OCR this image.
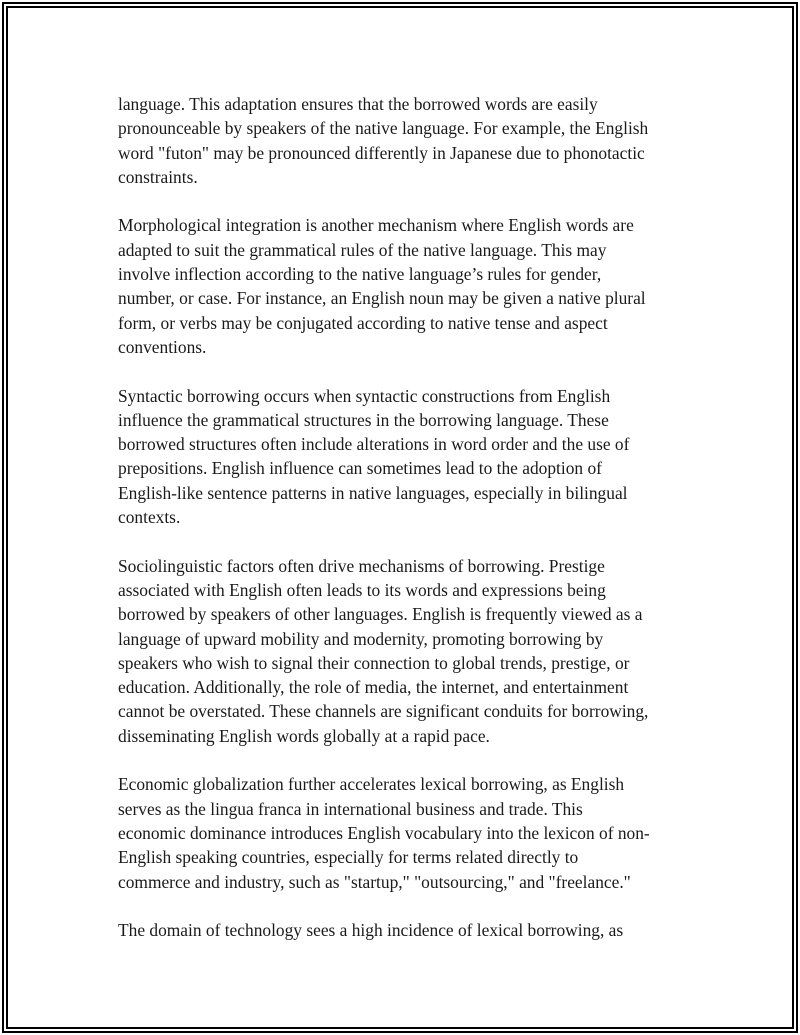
language. This adaptation ensures that the borrowed words are easily
pronounceable by speakers of the native language. For example, the English
word "futon" may be pronounced differently in Japanese due to phonotactic
constraints.

Morphological integration is another mechanism where English words are
adapted to suit the grammatical rules of the native language. This may
involve inflection according to the native language’s rules for gender,
number, or case. For instance, an English noun may be given a native plural
form, or verbs may be conjugated according to native tense and aspect
conventions.

Syntactic borrowing occurs when syntactic constructions from English
influence the grammatical structures in the borrowing language. These
borrowed structures often include alterations in word order and the use of
prepositions. English influence can sometimes lead to the adoption of
English-like sentence patterns in native languages, especially in bilingual
contexts.

Sociolinguistic factors often drive mechanisms of borrowing. Prestige
associated with English often leads to its words and expressions being
borrowed by speakers of other languages. English is frequently viewed as a
language of upward mobility and modernity, promoting borrowing by
speakers who wish to signal their connection to global trends, prestige, or
education. Additionally, the role of media, the internet, and entertainment
cannot be overstated. These channels are significant conduits for borrowing,
disseminating English words globally at a rapid pace.

Economic globalization further accelerates lexical borrowing, as English
serves as the lingua franca in international business and trade. This
economic dominance introduces English vocabulary into the lexicon of non-
English speaking countries, especially for terms related directly to
commerce and industry, such as "startup," "outsourcing," and "freelance."

The domain of technology sees a high incidence of lexical borrowing, as
